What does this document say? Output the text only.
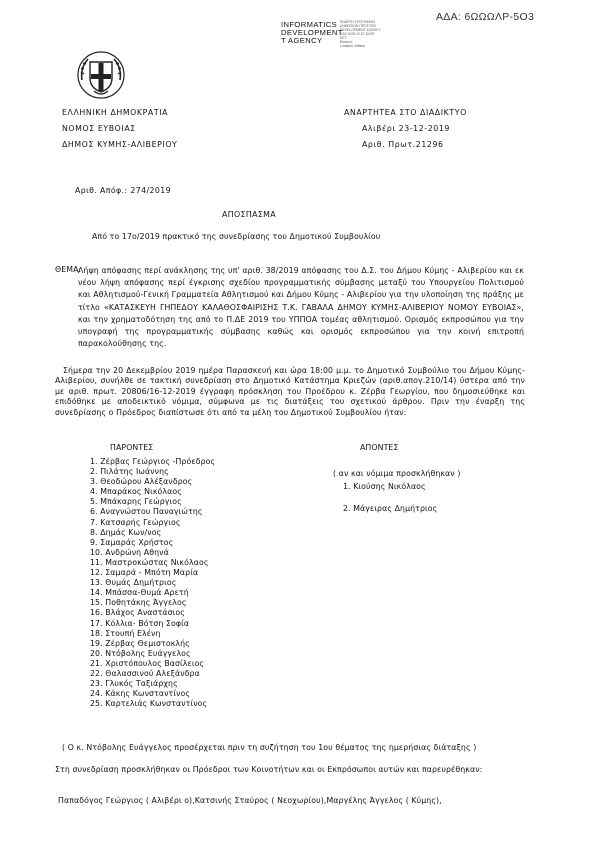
ΑΔΑ: 6ΩΩΩΛΡ-5Ο3
INFORMATICS
DEVELOPMENT
T AGENCY
ΕΝΑΡΞΗ ΥΠΟΓΡΑΦΗΣ
ΔΗΜΟΣΙΟΝ ΠΡΟΤΥΠΟ
DEVELOPMENT AGENCY
DAY 2019.12.27 10:09
EET
Reason:
Location: Athens
ΕΛΛΗΝΙΚΗ ΔΗΜΟΚΡΑΤΙΑ
ΝΟΜΟΣ ΕΥΒΟΙΑΣ
ΔΗΜΟΣ ΚΥΜΗΣ-ΑΛΙΒΕΡΙΟΥ
ΑΝΑΡΤΗΤΕΑ ΣΤΟ ΔΙΑΔΙΚΤΥΟ
Αλιβέρι 23-12-2019
Αριθ. Πρωτ.21296
Αριθ. Απόφ.: 274/2019
ΑΠΟΣΠΑΣΜΑ
Από το 17ο/2019 πρακτικό της συνεδρίασης του Δημοτικού Συμβουλίου
ΘΕΜΑ:
Λήψη απόφασης περί ανάκλησης της υπ' αριθ. 38/2019 απόφασης του Δ.Σ. του Δήμου Κύμης - Αλιβερίου και εκ νέου λήψη απόφασης περί έγκρισης σχεδίου προγραμματικής σύμβασης μεταξύ του Υπουργείου Πολιτισμού και Αθλητισμού-Γενική Γραμματεία Αθλητισμού και Δήμου Κύμης - Αλιβερίου για την υλοποίηση της πράξης με τίτλο «ΚΑΤΑΣΚΕΥΗ ΓΗΠΕΔΟΥ ΚΑΛΑΘΟΣΦΑΙΡΙΣΗΣ Τ.Κ. ΓΑΒΑΛΑ ΔΗΜΟΥ ΚΥΜΗΣ-ΑΛΙΒΕΡΙΟΥ ΝΟΜΟΥ ΕΥΒΟΙΑΣ», και την χρηματοδότηση της από το Π.ΔΕ 2019 του ΥΠΠΟΑ τομέας αθλητισμού. Ορισμός εκπροσώπου για την υπογραφή της προγραμματικής σύμβασης καθώς και ορισμός εκπροσώπου για την κοινή επιτροπή παρακολούθησης της.
Σήμερα την 20 Δεκεμβρίου 2019 ημέρα Παρασκευή και ώρα 18:00 μ.μ. το Δημοτικό Συμβούλιο του Δήμου Κύμης-Αλιβερίου, συνήλθε σε τακτική συνεδρίαση στο Δημοτικό Κατάστημα Κριεζών (αριθ.απογ.210/14) ύστερα από την με αριθ. πρωτ. 20806/16-12-2019 έγγραφη πρόσκληση του Προέδρου κ. Ζέρβα Γεωργίου, που δημοσιεύθηκε και επιδόθηκε με αποδεικτικό νόμιμα, σύμφωνα με τις διατάξεις του σχετικού άρθρου. Πριν την έναρξη της συνεδρίασης ο Πρόεδρος διαπίστωσε ότι από τα μέλη του Δημοτικού Συμβουλίου ήταν:
ΠΑΡΟΝΤΕΣ	ΑΠΟΝΤΕΣ
1. Ζέρβας Γεώργιος -Πρόεδρος
2. Πιλάτης Ιωάννης
3. Θεοδώρου Αλέξανδρος
4. Μπαράκος Νικόλαος
5. Μπάκαρης Γεώργιος
6. Αναγνώστου Παναγιώτης
7. Κατσαρής Γεώργιος
8. Δημάς Κων/νος
9. Σαμαράς Χρήστος
10. Ανδρώνη Αθηνά
11. Μαστροκώστας Νικόλαος
12. Σαμαρά - Μπότη Μαρία
13. Θυμάς Δημήτριος
14. Μπάσσα-Θυμά Αρετή
15. Ποθητάκης Άγγελος
16. Βλάχος Αναστάσιος
17. Κόλλια- Βότση Σοφία
18. Στουπή Ελένη
19. Ζέρβας Θεμιστοκλής
20. Ντόβολης Ευάγγελος
21. Χριστόπουλος Βασίλειος
22. Θαλασσινού Αλεξάνδρα
23. Γλυκός Ταξιάρχης
24. Κάκης Κωνσταντίνος
25. Καρτελιάς Κωνσταντίνος
( αν και νόμιμα προσκλήθηκαν )
1. Κιούσης Νικόλαος
2. Μάγειρας Δημήτριος
( Ο κ. Ντόβολης Ευάγγελος προσέρχεται πριν τη συζήτηση του 1ου θέματος της ημερήσιας διάταξης )
Στη συνεδρίαση προσκλήθηκαν οι Πρόεδροι των Κοινοτήτων και οι Εκπρόσωποι αυτών και παρευρέθηκαν:
Παπαδόγος Γεώργιος ( Αλιβέρι ο),Κατσινής Σταύρος ( Νεοχωρίου),Μαργέλης Άγγελος ( Κύμης),
